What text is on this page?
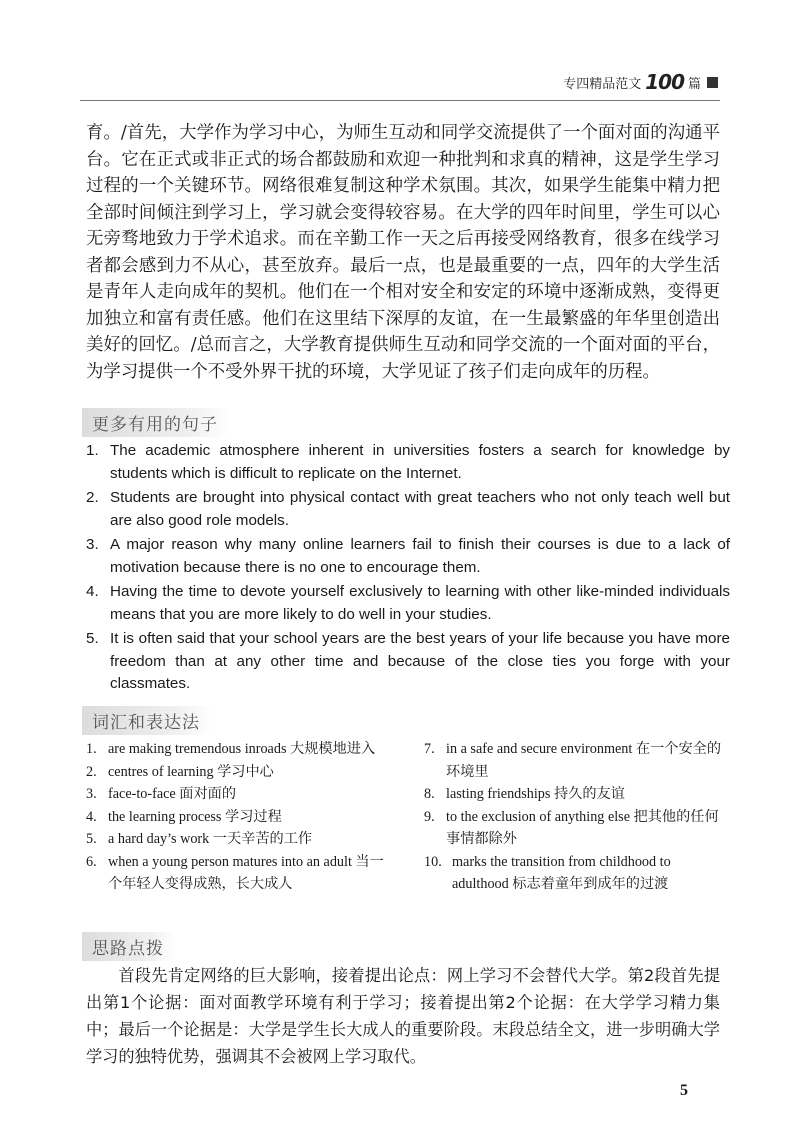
专四精品范文 100 篇

育。/首先，大学作为学习中心，为师生互动和同学交流提供了一个面对面的沟通平台。它在正式或非正式的场合都鼓励和欢迎一种批判和求真的精神，这是学生学习过程的一个关键环节。网络很难复制这种学术氛围。其次，如果学生能集中精力把全部时间倾注到学习上，学习就会变得较容易。在大学的四年时间里，学生可以心无旁骛地致力于学术追求。而在辛勤工作一天之后再接受网络教育，很多在线学习者都会感到力不从心，甚至放弃。最后一点，也是最重要的一点，四年的大学生活是青年人走向成年的契机。他们在一个相对安全和安定的环境中逐渐成熟，变得更加独立和富有责任感。他们在这里结下深厚的友谊，在一生最繁盛的年华里创造出美好的回忆。/总而言之，大学教育提供师生互动和同学交流的一个面对面的平台，为学习提供一个不受外界干扰的环境，大学见证了孩子们走向成年的历程。

更多有用的句子
1. The academic atmosphere inherent in universities fosters a search for knowledge by students which is difficult to replicate on the Internet.
2. Students are brought into physical contact with great teachers who not only teach well but are also good role models.
3. A major reason why many online learners fail to finish their courses is due to a lack of motivation because there is no one to encourage them.
4. Having the time to devote yourself exclusively to learning with other like-minded individuals means that you are more likely to do well in your studies.
5. It is often said that your school years are the best years of your life because you have more freedom than at any other time and because of the close ties you forge with your classmates.
词汇和表达法
1. are making tremendous inroads 大规模地进入
2. centres of learning 学习中心
3. face-to-face 面对面的
4. the learning process 学习过程
5. a hard day’s work 一天辛苦的工作
6. when a young person matures into an adult 当一个年轻人变得成熟，长大成人
7. in a safe and secure environment 在一个安全的环境里
8. lasting friendships 持久的友谊
9. to the exclusion of anything else 把其他的任何事情都除外
10. marks the transition from childhood to adulthood 标志着童年到成年的过渡
思路点拨

首段先肯定网络的巨大影响，接着提出论点：网上学习不会替代大学。第2段首先提出第1个论据：面对面教学环境有利于学习；接着提出第2个论据：在大学学习精力集中；最后一个论据是：大学是学生长大成人的重要阶段。末段总结全文，进一步明确大学学习的独特优势，强调其不会被网上学习取代。

5
